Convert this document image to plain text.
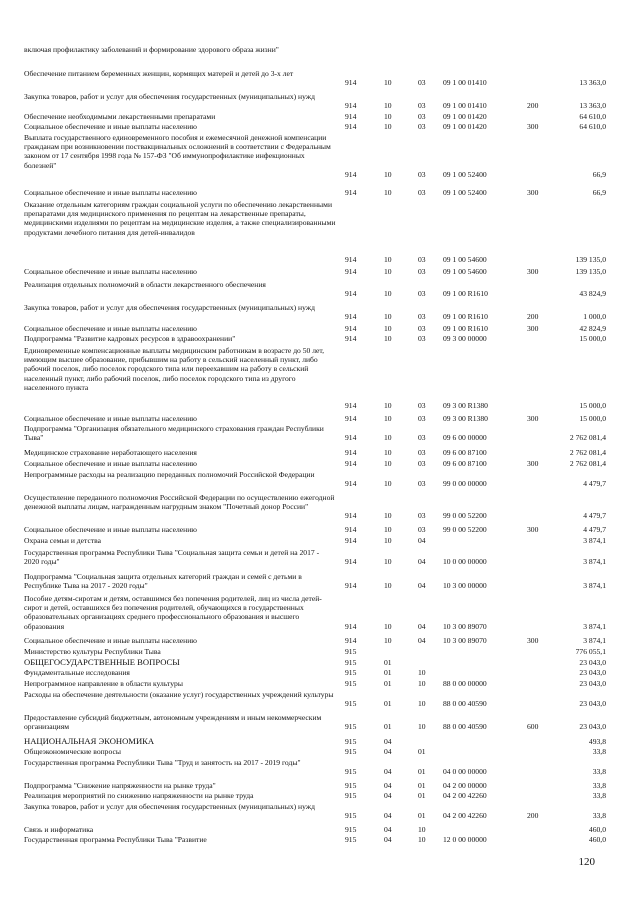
включая профилактику заболеваний и формирование здорового образа жизни"
Обеспечение питанием беременных женщин, кормящих матерей и детей до 3-х лет
914	10	03 09 1 00 01410	13 363,0
Закупка товаров, работ и услуг для обеспечения государственных (муниципальных) нужд
914	10	03 09 1 00 01410	200	13 363,0
Обеспечение необходимыми лекарственными препаратами	914	10	03 09 1 00 01420	64 610,0
Социальное обеспечение и иные выплаты населению	914	10	03 09 1 00 01420	300	64 610,0
Выплата государственного единовременного пособия и ежемесячной денежной компенсации гражданам при возникновении поствакцинальных осложнений в соответствии с Федеральным законом от 17 сентября 1998 года № 157-ФЗ "Об иммунопрофилактике инфекционных болезней"
914	10	03 09 1 00 52400	66,9
Социальное обеспечение и иные выплаты населению	914	10	03 09 1 00 52400	300	66,9
Оказание отдельным категориям граждан социальной услуги по обеспечению лекарственными препаратами для медицинского применения по рецептам на лекарственные препараты, медицинскими изделиями по рецептам на медицинские изделия, а также специализированными продуктами лечебного питания для детей-инвалидов
914	10	03 09 1 00 54600	139 135,0
Социальное обеспечение и иные выплаты населению	914	10	03 09 1 00 54600	300	139 135,0
Реализация отдельных полномочий в области лекарственного обеспечения
914	10	03 09 1 00 R1610	43 824,9
Закупка товаров, работ и услуг для обеспечения государственных (муниципальных) нужд
914	10	03 09 1 00 R1610	200	1 000,0
Социальное обеспечение и иные выплаты населению	914	10	03 09 1 00 R1610	300	42 824,9
Подпрограмма "Развитие кадровых ресурсов в здравоохранении"	914	10	03 09 3 00 00000	15 000,0
Единовременные компенсационные выплаты медицинским работникам в возрасте до 50 лет, имеющим высшее образование, прибывшим на работу в сельский населенный пункт, либо рабочий поселок, либо поселок городского типа или переехавшим на работу в сельский населенный пункт, либо рабочий поселок, либо поселок городского типа из другого населенного пункта
914	10	03 09 3 00 R1380	15 000,0
Социальное обеспечение и иные выплаты населению	914	10	03 09 3 00 R1380	300	15 000,0
Подпрограмма "Организация обязательного медицинского страхования граждан Республики Тыва"	914	10	03 09 6 00 00000	2 762 081,4
Медицинское страхование неработающего населения	914	10	03 09 6 00 87100	2 762 081,4
Социальное обеспечение и иные выплаты населению	914	10	03 09 6 00 87100	300	2 762 081,4
Непрограммные расходы на реализацию переданных полномочий Российской Федерации
914	10	03 99 0 00 00000	4 479,7
Осуществление переданного полномочия Российской Федерации по осуществлению ежегодной денежной выплаты лицам, награжденным нагрудным знаком "Почетный донор России"
914	10	03 99 0 00 52200	4 479,7
Социальное обеспечение и иные выплаты населению	914	10	03 99 0 00 52200	300	4 479,7
Охрана семьи и детства	914	10	04	3 874,1
Государственная программа Республики Тыва "Социальная защита семьи и детей на 2017 - 2020 годы"	914	10	04 10 0 00 00000	3 874,1
Подпрограмма "Социальная защита отдельных категорий граждан и семей с детьми в Республике Тыва на 2017 - 2020 годы"	914	10	04 10 3 00 00000	3 874,1
Пособие детям-сиротам и детям, оставшимся без попечения родителей, лиц из числа детей-сирот и детей, оставшихся без попечения родителей, обучающихся в государственных образовательных организациях среднего профессионального образования и высшего образования	914	10	04 10 3 00 89070	3 874,1
Социальное обеспечение и иные выплаты населению	914	10	04 10 3 00 89070	300	3 874,1
Министерство культуры Республики Тыва	915	776 055,1
ОБЩЕГОСУДАРСТВЕННЫЕ ВОПРОСЫ	915	01	23 043,0
Фундаментальные исследования	915	01	10	23 043,0
Непрограммное направление в области культуры	915	01	10 88 0 00 00000	23 043,0
Расходы на обеспечение деятельности (оказание услуг) государственных учреждений культуры
915	01	10 88 0 00 40590	23 043,0
Предоставление субсидий бюджетным, автономным учреждениям и иным некоммерческим организациям	915	01	10 88 0 00 40590	600	23 043,0
НАЦИОНАЛЬНАЯ ЭКОНОМИКА	915	04	493,8
Общеэкономические вопросы	915	04	01	33,8
Государственная программа Республики Тыва "Труд и занятость на 2017 - 2019 годы"
915	04	01 04 0 00 00000	33,8
Подпрограмма "Снижение напряженности на рынке труда"	915	04	01 04 2 00 00000	33,8
Реализация мероприятий по снижению напряженности на рынке труда	915	04	01 04 2 00 42260	33,8
Закупка товаров, работ и услуг для обеспечения государственных (муниципальных) нужд
915	04	01 04 2 00 42260	200	33,8
Связь и информатика	915	04	10	460,0
Государственная программа Республики Тыва "Развитие	915	04	10 12 0 00 00000	460,0
120
